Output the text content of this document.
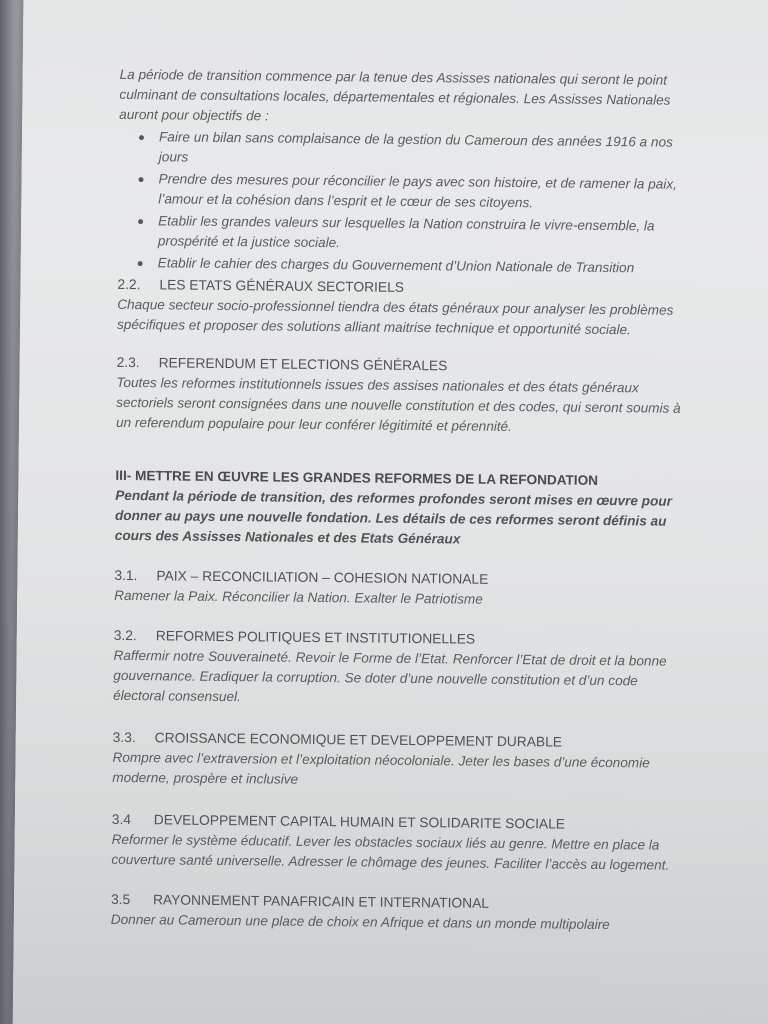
La période de transition commence par la tenue des Assisses nationales qui seront le point culminant de consultations locales, départementales et régionales. Les Assisses Nationales auront pour objectifs de :

Faire un bilan sans complaisance de la gestion du Cameroun des années 1916 a nos jours
Prendre des mesures pour réconcilier le pays avec son histoire, et de ramener la paix, l’amour et la cohésion dans l’esprit et le cœur de ses citoyens.
Etablir les grandes valeurs sur lesquelles la Nation construira le vivre-ensemble, la prospérité et la justice sociale.
Etablir le cahier des charges du Gouvernement d’Union Nationale de Transition
2.2. LES ETATS GÉNÉRAUX SECTORIELS

Chaque secteur socio-professionnel tiendra des états généraux pour analyser les problèmes spécifiques et proposer des solutions alliant maitrise technique et opportunité sociale.

2.3. REFERENDUM ET ELECTIONS GÉNÉRALES

Toutes les reformes institutionnels issues des assises nationales et des états généraux sectoriels seront consignées dans une nouvelle constitution et des codes, qui seront soumis à un referendum populaire pour leur conférer légitimité et pérennité.

III- METTRE EN ŒUVRE LES GRANDES REFORMES DE LA REFONDATION

Pendant la période de transition, des reformes profondes seront mises en œuvre pour donner au pays une nouvelle fondation. Les détails de ces reformes seront définis au cours des Assisses Nationales et des Etats Généraux

3.1. PAIX – RECONCILIATION – COHESION NATIONALE

Ramener la Paix. Réconcilier la Nation. Exalter le Patriotisme

3.2. REFORMES POLITIQUES ET INSTITUTIONELLES

Raffermir notre Souveraineté. Revoir le Forme de l’Etat. Renforcer l’Etat de droit et la bonne gouvernance. Eradiquer la corruption. Se doter d’une nouvelle constitution et d’un code électoral consensuel.

3.3. CROISSANCE ECONOMIQUE ET DEVELOPPEMENT DURABLE

Rompre avec l’extraversion et l’exploitation néocoloniale. Jeter les bases d’une économie moderne, prospère et inclusive

3.4 DEVELOPPEMENT CAPITAL HUMAIN ET SOLIDARITE SOCIALE

Reformer le système éducatif. Lever les obstacles sociaux liés au genre. Mettre en place la couverture santé universelle. Adresser le chômage des jeunes. Faciliter l’accès au logement.

3.5 RAYONNEMENT PANAFRICAIN ET INTERNATIONAL

Donner au Cameroun une place de choix en Afrique et dans un monde multipolaire
